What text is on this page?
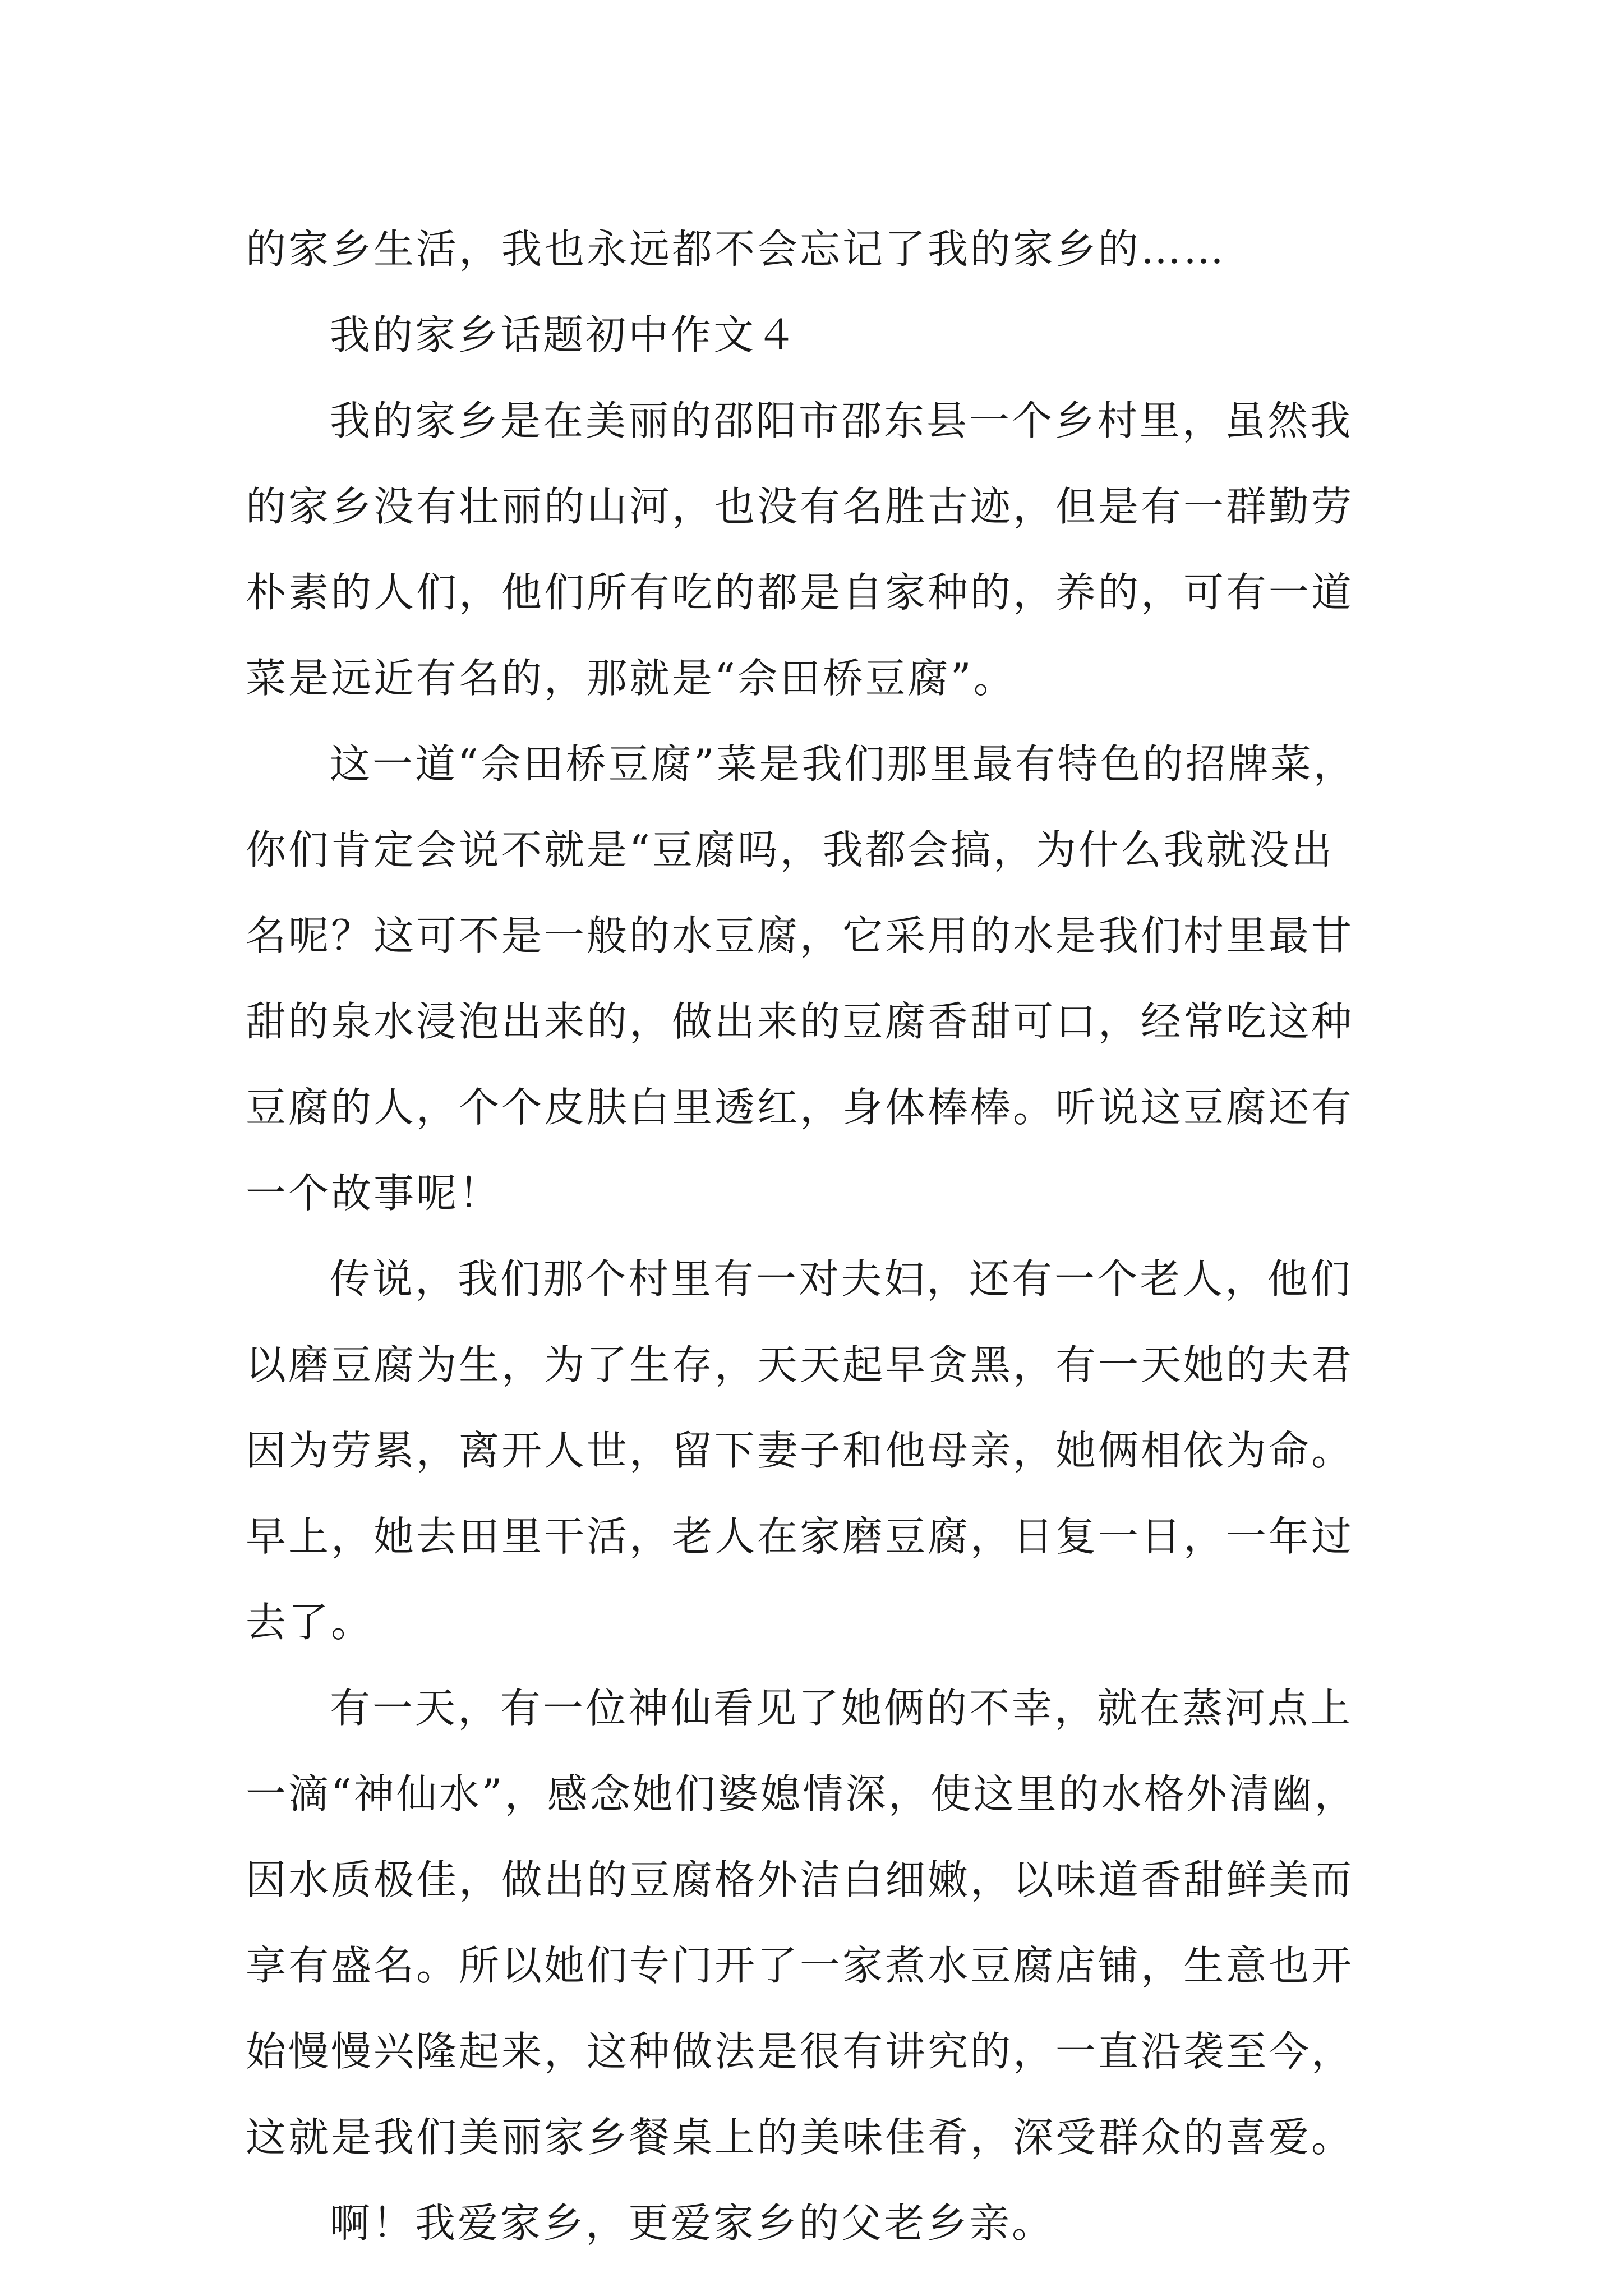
的家乡生活，我也永远都不会忘记了我的家乡的……
我的家乡话题初中作文４
我的家乡是在美丽的邵阳市邵东县一个乡村里，虽然我
的家乡没有壮丽的山河，也没有名胜古迹，但是有一群勤劳
朴素的人们，他们所有吃的都是自家种的，养的，可有一道
菜是远近有名的，那就是“佘田桥豆腐”。
这一道“佘田桥豆腐”菜是我们那里最有特色的招牌菜，
你们肯定会说不就是“豆腐吗，我都会搞，为什么我就没出
名呢？这可不是一般的水豆腐，它采用的水是我们村里最甘
甜的泉水浸泡出来的，做出来的豆腐香甜可口，经常吃这种
豆腐的人，个个皮肤白里透红，身体棒棒。听说这豆腐还有
一个故事呢！
传说，我们那个村里有一对夫妇，还有一个老人，他们
以磨豆腐为生，为了生存，天天起早贪黑，有一天她的夫君
因为劳累，离开人世，留下妻子和他母亲，她俩相依为命。
早上，她去田里干活，老人在家磨豆腐，日复一日，一年过
去了。
有一天，有一位神仙看见了她俩的不幸，就在蒸河点上
一滴“神仙水”，感念她们婆媳情深，使这里的水格外清幽，
因水质极佳，做出的豆腐格外洁白细嫩，以味道香甜鲜美而
享有盛名。所以她们专门开了一家煮水豆腐店铺，生意也开
始慢慢兴隆起来，这种做法是很有讲究的，一直沿袭至今，
这就是我们美丽家乡餐桌上的美味佳肴，深受群众的喜爱。
啊！我爱家乡，更爱家乡的父老乡亲。
